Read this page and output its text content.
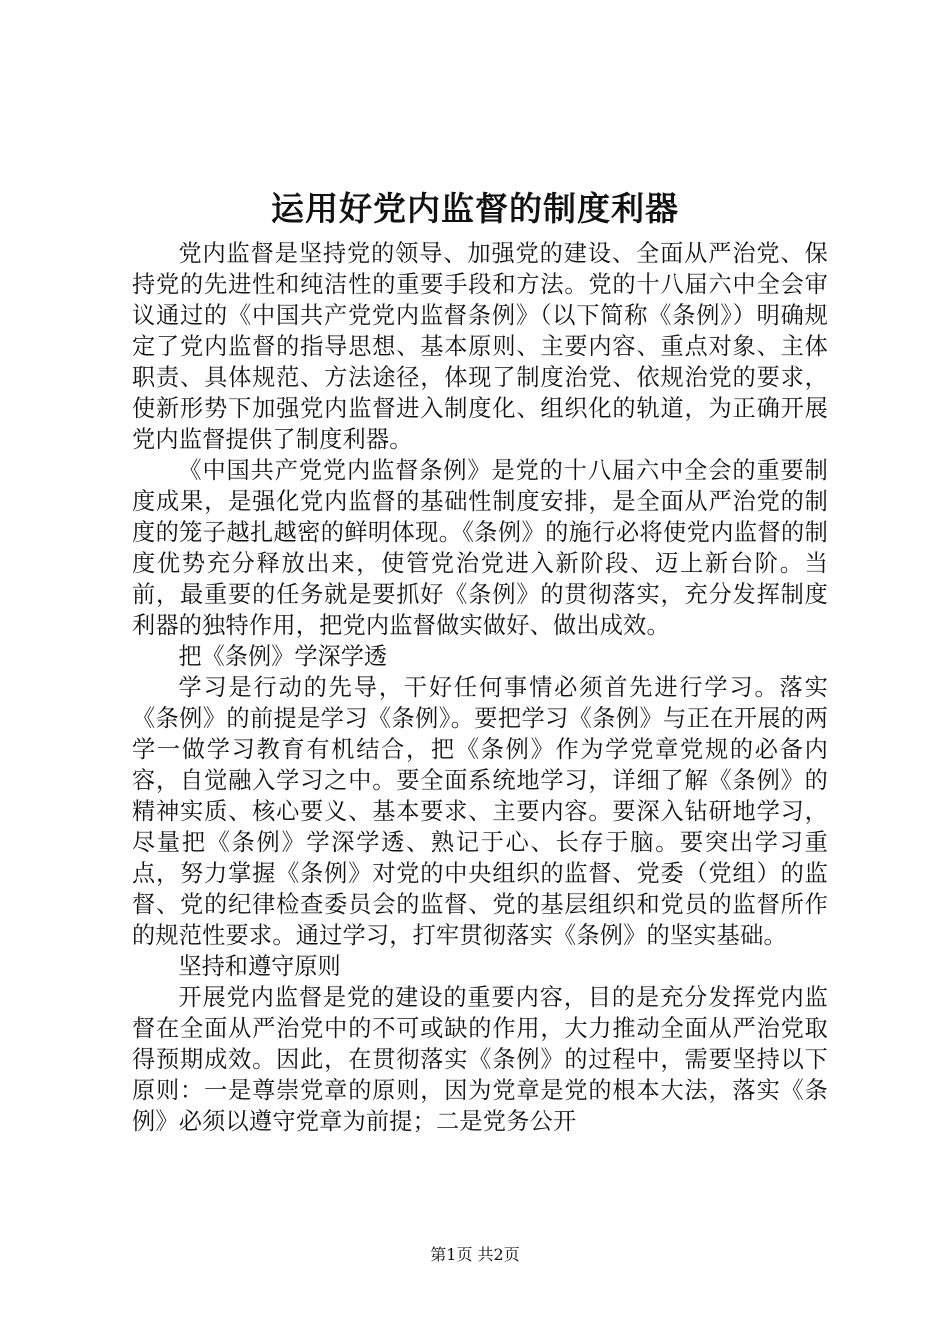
运用好党内监督的制度利器

党内监督是坚持党的领导、加强党的建设、全面从严治党、保持党的先进性和纯洁性的重要手段和方法。党的十八届六中全会审议通过的《中国共产党党内监督条例》（以下简称《条例》）明确规定了党内监督的指导思想、基本原则、主要内容、重点对象、主体职责、具体规范、方法途径，体现了制度治党、依规治党的要求，使新形势下加强党内监督进入制度化、组织化的轨道，为正确开展党内监督提供了制度利器。

《中国共产党党内监督条例》是党的十八届六中全会的重要制度成果，是强化党内监督的基础性制度安排，是全面从严治党的制度的笼子越扎越密的鲜明体现。《条例》的施行必将使党内监督的制度优势充分释放出来，使管党治党进入新阶段、迈上新台阶。当前，最重要的任务就是要抓好《条例》的贯彻落实，充分发挥制度利器的独特作用，把党内监督做实做好、做出成效。

把《条例》学深学透

学习是行动的先导，干好任何事情必须首先进行学习。落实《条例》的前提是学习《条例》。要把学习《条例》与正在开展的两学一做学习教育有机结合，把《条例》作为学党章党规的必备内容，自觉融入学习之中。要全面系统地学习，详细了解《条例》的精神实质、核心要义、基本要求、主要内容。要深入钻研地学习，尽量把《条例》学深学透、熟记于心、长存于脑。要突出学习重点，努力掌握《条例》对党的中央组织的监督、党委（党组）的监督、党的纪律检查委员会的监督、党的基层组织和党员的监督所作的规范性要求。通过学习，打牢贯彻落实《条例》的坚实基础。

坚持和遵守原则

开展党内监督是党的建设的重要内容，目的是充分发挥党内监督在全面从严治党中的不可或缺的作用，大力推动全面从严治党取得预期成效。因此，在贯彻落实《条例》的过程中，需要坚持以下原则：一是尊崇党章的原则，因为党章是党的根本大法，落实《条例》必须以遵守党章为前提；二是党务公开

第1页 共2页
